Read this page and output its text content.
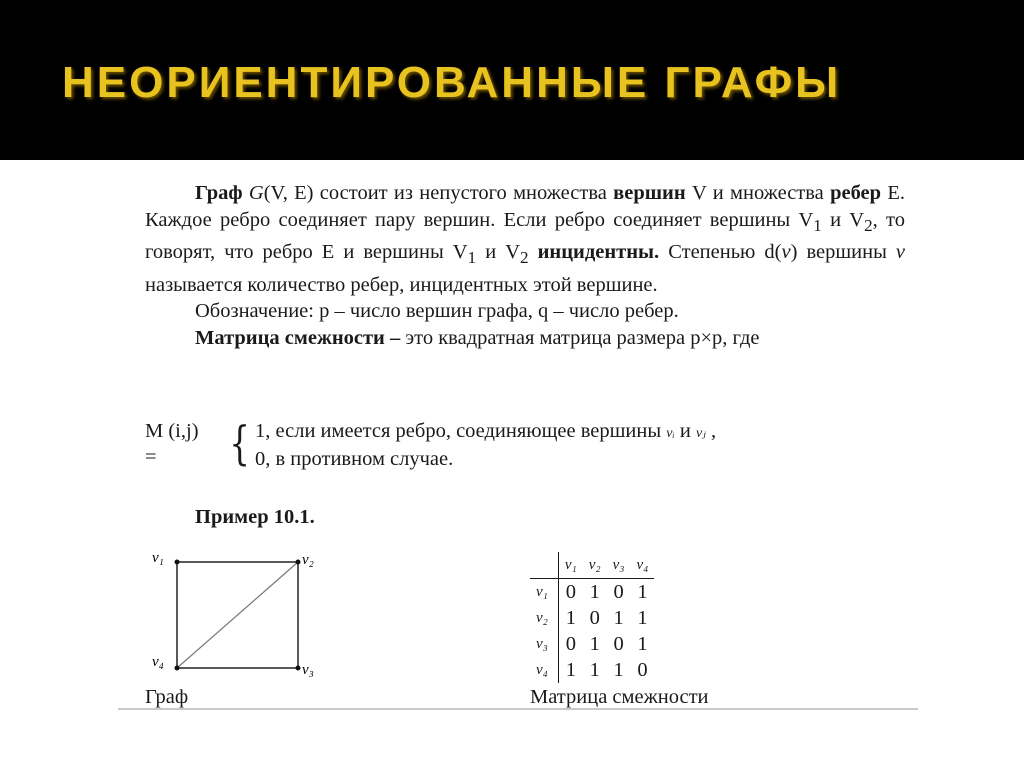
НЕОРИЕНТИРОВАННЫЕ ГРАФЫ

Граф G(V, E) состоит из непустого множества вершин V и множества ребер E. Каждое ребро соединяет пару вершин. Если ребро соединяет вершины $V_1$ и $V_2$, то говорят, что ребро E и вершины $V_1$ и $V_2$ инцидентны. Степенью d(v) вершины v называется количество ребер, инцидентных этой вершине.

Обозначение: p – число вершин графа, q – число ребер.

Матрица смежности – это квадратная матрица размера p×p, где

M (i,j)
= { 1, если имеется ребро, соединяющее вершины vᵢ и vⱼ ,
0, в противном случае.
Пример 10.1.
v₁	v₂
v₃
v₄
Граф
	v₁	v₂	v₃	v₄
v₁	0	1	0	1
v₂	1	0	1	1
v₃	0	1	0	1
v₄	1	1	1	0
Матрица смежности
